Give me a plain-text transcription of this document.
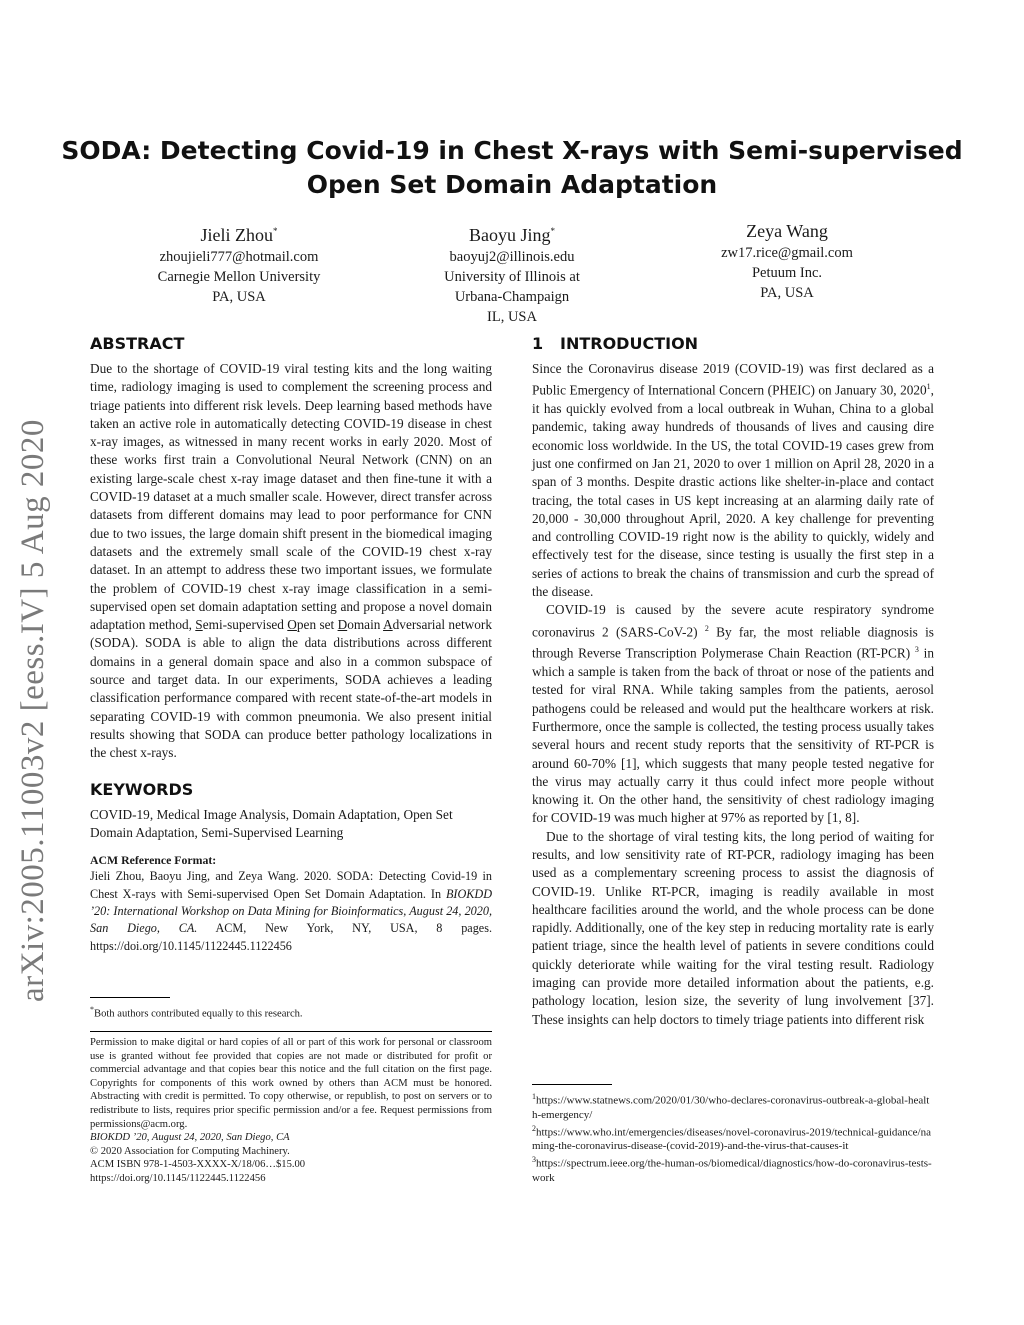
arXiv:2005.11003v2 [eess.IV] 5 Aug 2020
SODA: Detecting Covid-19 in Chest X-rays with Semi-supervised
Open Set Domain Adaptation
Jieli Zhou*
zhoujieli777@hotmail.com
Carnegie Mellon University
PA, USA
Baoyu Jing*
baoyuj2@illinois.edu
University of Illinois at
Urbana-Champaign
IL, USA
Zeya Wang
zw17.rice@gmail.com
Petuum Inc.
PA, USA
ABSTRACT

Due to the shortage of COVID-19 viral testing kits and the long waiting time, radiology imaging is used to complement the screening process and triage patients into different risk levels. Deep learning based methods have taken an active role in automatically detecting COVID-19 disease in chest x-ray images, as witnessed in many recent works in early 2020. Most of these works first train a Convolutional Neural Network (CNN) on an existing large-scale chest x-ray image dataset and then fine-tune it with a COVID-19 dataset at a much smaller scale. However, direct transfer across datasets from different domains may lead to poor performance for CNN due to two issues, the large domain shift present in the biomedical imaging datasets and the extremely small scale of the COVID-19 chest x-ray dataset. In an attempt to address these two important issues, we formulate the problem of COVID-19 chest x-ray image classification in a semi-supervised open set domain adaptation setting and propose a novel domain adaptation method, Semi-supervised Open set Domain Adversarial network (SODA). SODA is able to align the data distributions across different domains in a general domain space and also in a common subspace of source and target data. In our experiments, SODA achieves a leading classification performance compared with recent state-of-the-art models in separating COVID-19 with common pneumonia. We also present initial results showing that SODA can produce better pathology localizations in the chest x-rays.

KEYWORDS

COVID-19, Medical Image Analysis, Domain Adaptation, Open Set Domain Adaptation, Semi-Supervised Learning

ACM Reference Format:

Jieli Zhou, Baoyu Jing, and Zeya Wang. 2020. SODA: Detecting Covid-19 in Chest X-rays with Semi-supervised Open Set Domain Adaptation. In BIOKDD ’20: International Workshop on Data Mining for Bioinformatics, August 24, 2020, San Diego, CA. ACM, New York, NY, USA, 8 pages. https://doi.org/10.1145/1122445.1122456

*Both authors contributed equally to this research.
Permission to make digital or hard copies of all or part of this work for personal or classroom use is granted without fee provided that copies are not made or distributed for profit or commercial advantage and that copies bear this notice and the full citation on the first page. Copyrights for components of this work owned by others than ACM must be honored. Abstracting with credit is permitted. To copy otherwise, or republish, to post on servers or to redistribute to lists, requires prior specific permission and/or a fee. Request permissions from permissions@acm.org.
BIOKDD ’20, August 24, 2020, San Diego, CA
© 2020 Association for Computing Machinery.
ACM ISBN 978-1-4503-XXXX-X/18/06…$15.00
https://doi.org/10.1145/1122445.1122456
1 INTRODUCTION

Since the Coronavirus disease 2019 (COVID-19) was first declared as a Public Emergency of International Concern (PHEIC) on January 30, 2020$^1$, it has quickly evolved from a local outbreak in Wuhan, China to a global pandemic, taking away hundreds of thousands of lives and causing dire economic loss worldwide. In the US, the total COVID-19 cases grew from just one confirmed on Jan 21, 2020 to over 1 million on April 28, 2020 in a span of 3 months. Despite drastic actions like shelter-in-place and contact tracing, the total cases in US kept increasing at an alarming daily rate of 20,000 - 30,000 throughout April, 2020. A key challenge for preventing and controlling COVID-19 right now is the ability to quickly, widely and effectively test for the disease, since testing is usually the first step in a series of actions to break the chains of transmission and curb the spread of the disease.

COVID-19 is caused by the severe acute respiratory syndrome coronavirus 2 (SARS-CoV-2) $^2$ By far, the most reliable diagnosis is through Reverse Transcription Polymerase Chain Reaction (RT-PCR) $^3$ in which a sample is taken from the back of throat or nose of the patients and tested for viral RNA. While taking samples from the patients, aerosol pathogens could be released and would put the healthcare workers at risk. Furthermore, once the sample is collected, the testing process usually takes several hours and recent study reports that the sensitivity of RT-PCR is around 60-70% [1], which suggests that many people tested negative for the virus may actually carry it thus could infect more people without knowing it. On the other hand, the sensitivity of chest radiology imaging for COVID-19 was much higher at 97% as reported by [1, 8].

Due to the shortage of viral testing kits, the long period of waiting for results, and low sensitivity rate of RT-PCR, radiology imaging has been used as a complementary screening process to assist the diagnosis of COVID-19. Unlike RT-PCR, imaging is readily available in most healthcare facilities around the world, and the whole process can be done rapidly. Additionally, one of the key step in reducing mortality rate is early patient triage, since the health level of patients in severe conditions could quickly deteriorate while waiting for the viral testing result. Radiology imaging can provide more detailed information about the patients, e.g. pathology location, lesion size, the severity of lung involvement [37]. These insights can help doctors to timely triage patients into different risk

$^1$https://www.statnews.com/2020/01/30/who-declares-coronavirus-outbreak-a-global-health-emergency/
$^2$https://www.who.int/emergencies/diseases/novel-coronavirus-2019/technical-guidance/naming-the-coronavirus-disease-(covid-2019)-and-the-virus-that-causes-it
$^3$https://spectrum.ieee.org/the-human-os/biomedical/diagnostics/how-do-coronavirus-tests-work
